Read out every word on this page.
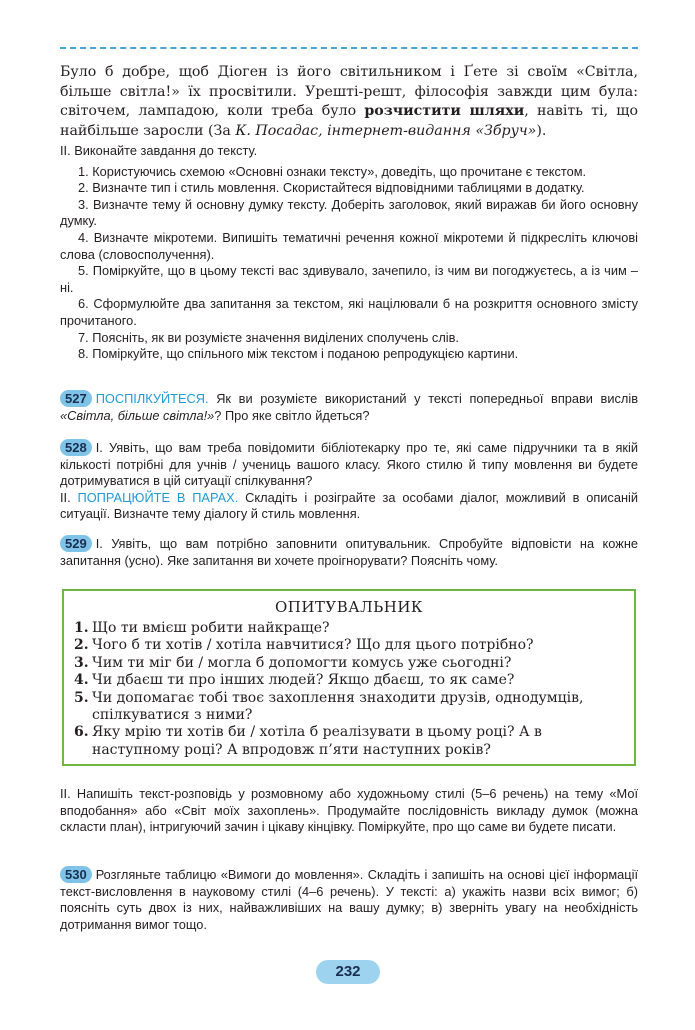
Було б добре, щоб Діоген із його світильником і Ґете зі своїм «Світла, більше світла!» їх просвітили. Урешті-решт, філософія завжди цим була: світочем, лампадою, коли треба було розчистити шляхи, навіть ті, що найбільше заросли (За К. Посадас, інтернет-видання «Збруч»).
ІІ. Виконайте завдання до тексту.
1. Користуючись схемою «Основні ознаки тексту», доведіть, що прочитане є текстом.
2. Визначте тип і стиль мовлення. Скористайтеся відповідними таблицями в додатку.
3. Визначте тему й основну думку тексту. Доберіть заголовок, який виражав би його основну думку.
4. Визначте мікротеми. Випишіть тематичні речення кожної мікротеми й підкресліть ключові слова (словосполучення).
5. Поміркуйте, що в цьому тексті вас здивувало, зачепило, із чим ви погоджуєтесь, а із чим – ні.
6. Сформулюйте два запитання за текстом, які націлювали б на розкриття основного змісту прочитаного.
7. Поясніть, як ви розумієте значення виділених сполучень слів.
8. Поміркуйте, що спільного між текстом і поданою репродукцією картини.
527 ПОСПІЛКУЙТЕСЯ. Як ви розумієте використаний у тексті попередньої вправи вислів «Світла, більше світла!»? Про яке світло йдеться?
528 І. Уявіть, що вам треба повідомити бібліотекарку про те, які саме підручники та в якій кількості потрібні для учнів / учениць вашого класу. Якого стилю й типу мовлення ви будете дотримуватися в цій ситуації спілкування?
ІІ. ПОПРАЦЮЙТЕ В ПАРАХ. Складіть і розіграйте за особами діалог, можливий в описаній ситуації. Визначте тему діалогу й стиль мовлення.
529 І. Уявіть, що вам потрібно заповнити опитувальник. Спробуйте відповісти на кожне запитання (усно). Яке запитання ви хочете проігнорувати? Поясніть чому.
ОПИТУВАЛЬНИК
1. Що ти вмієш робити найкраще?
2. Чого б ти хотів / хотіла навчитися? Що для цього потрібно?
3. Чим ти міг би / могла б допомогти комусь уже сьогодні?
4. Чи дбаєш ти про інших людей? Якщо дбаєш, то як саме?
5. Чи допомагає тобі твоє захоплення знаходити друзів, однодумців, спілкуватися з ними?
6. Яку мрію ти хотів би / хотіла б реалізувати в цьому році? А в наступному році? А впродовж п’яти наступних років?
ІІ. Напишіть текст-розповідь у розмовному або художньому стилі (5–6 речень) на тему «Мої вподобання» або «Світ моїх захоплень». Продумайте послідовність викладу думок (можна скласти план), інтригуючий зачин і цікаву кінцівку. Поміркуйте, про що саме ви будете писати.
530 Розгляньте таблицю «Вимоги до мовлення». Складіть і запишіть на основі цієї інформації текст-висловлення в науковому стилі (4–6 речень). У тексті: а) укажіть назви всіх вимог; б) поясніть суть двох із них, найважливіших на вашу думку; в) зверніть увагу на необхідність дотримання вимог тощо.
232
